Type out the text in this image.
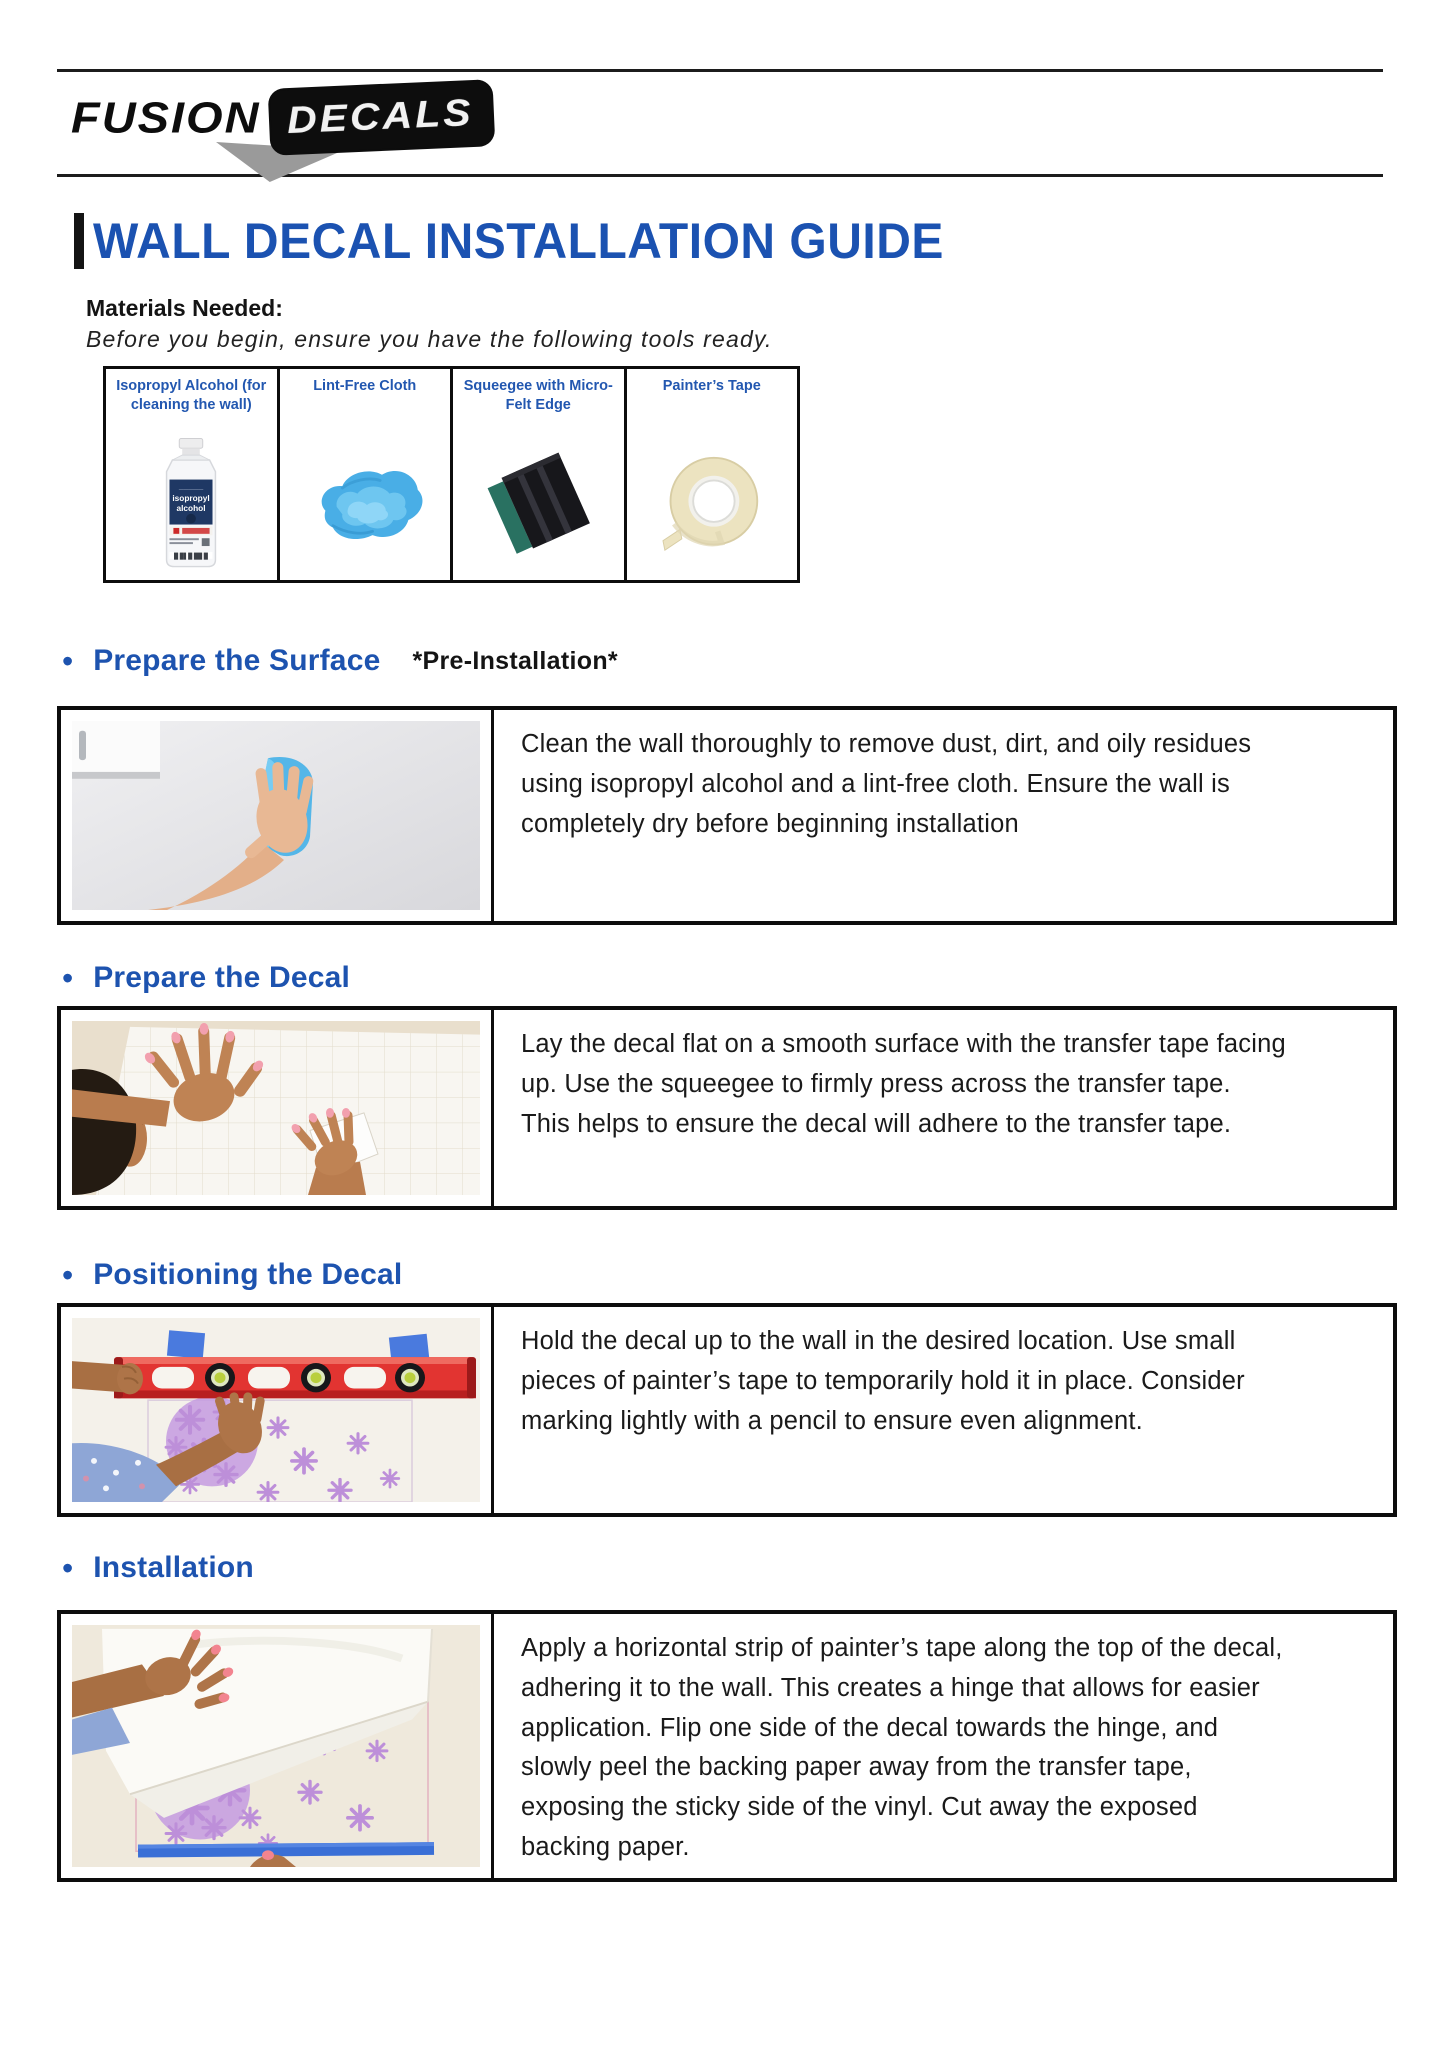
FUSION DECALS
WALL DECAL INSTALLATION GUIDE
Materials Needed:
Before you begin, ensure you have the following tools ready.
Isopropyl Alcohol (for cleaning the wall)
—————
isopropyl
alcohol
█ █▌█ ██ █
Lint-Free Cloth	Squeegee with Micro-Felt Edge
Painter’s Tape
• Prepare the Surface *Pre-Installation*

Clean the wall thoroughly to remove dust, dirt, and oily residues using isopropyl alcohol and a lint-free cloth. Ensure the wall is completely dry before beginning installation

• Prepare the Decal

Lay the decal flat on a smooth surface with the transfer tape facing up. Use the squeegee to firmly press across the transfer tape. This helps to ensure the decal will adhere to the transfer tape.

• Positioning the Decal

Hold the decal up to the wall in the desired location. Use small pieces of painter’s tape to temporarily hold it in place. Consider marking lightly with a pencil to ensure even alignment.

• Installation

Apply a horizontal strip of painter’s tape along the top of the decal, adhering it to the wall. This creates a hinge that allows for easier application. Flip one side of the decal towards the hinge, and slowly peel the backing paper away from the transfer tape, exposing the sticky side of the vinyl. Cut away the exposed backing paper.
